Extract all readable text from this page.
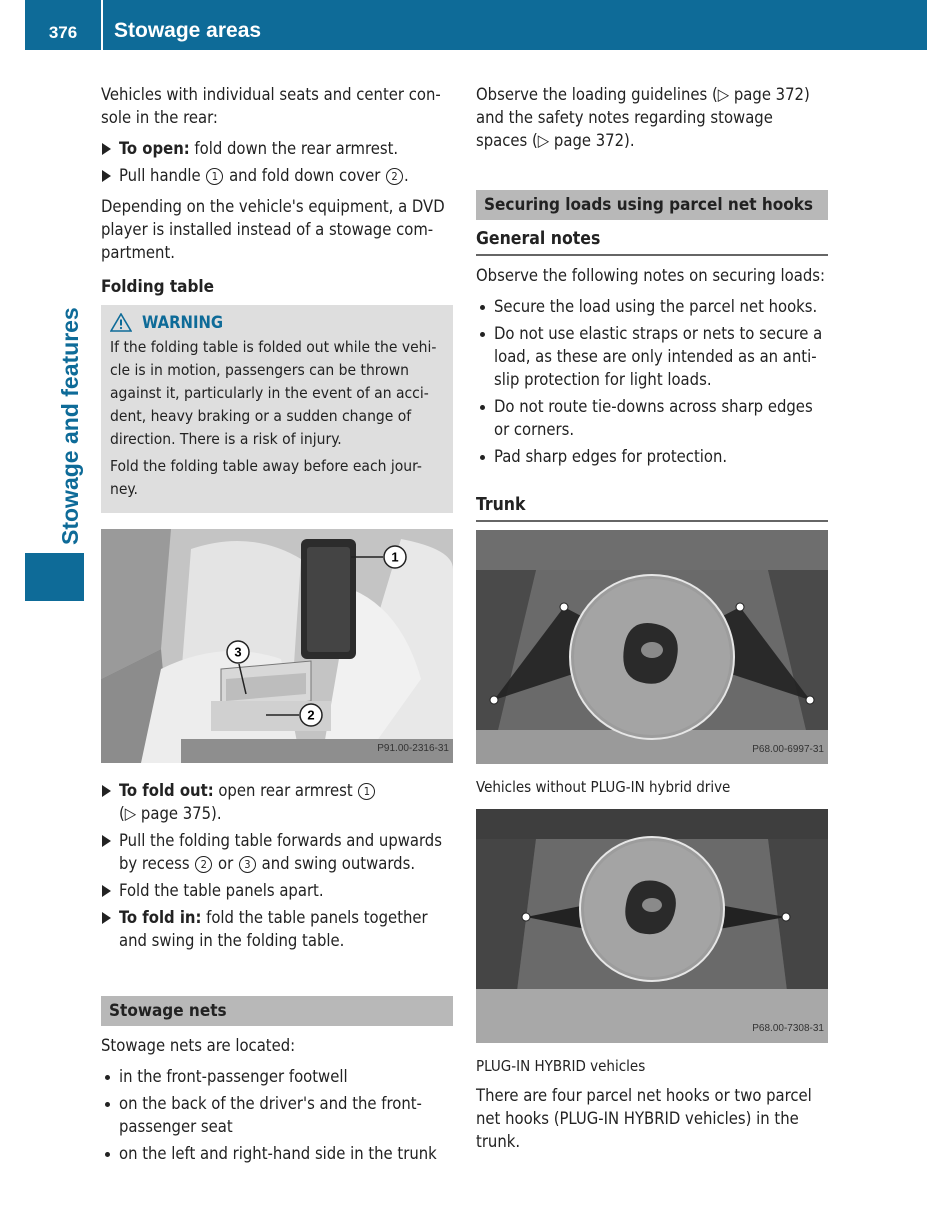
376	Stowage areas
Stowage and features

Vehicles with individual seats and center con-sole in the rear:

To open: fold down the rear armrest.
Pull handle 1 and fold down cover 2 .

Depending on the vehicle's equipment, a DVD player is installed instead of a stowage com-partment.

Folding table
WARNING

If the folding table is folded out while the vehi-cle is in motion, passengers can be thrown against it, particularly in the event of an acci-dent, heavy braking or a sudden change of direction. There is a risk of injury.

Fold the folding table away before each jour-ney.

1
3
2
P91.00-2316-31
To fold out: open rear armrest 1
(▷ page 375).
Pull the folding table forwards and upwards by recess 2 or 3 and swing outwards.
Fold the table panels apart.
To fold in: fold the table panels together and swing in the folding table.
Stowage nets

Stowage nets are located:

in the front-passenger footwell
on the back of the driver's and the front-passenger seat
on the left and right-hand side in the trunk

Observe the loading guidelines (▷ page 372) and the safety notes regarding stowage spaces (▷ page 372).

Securing loads using parcel net hooks
General notes

Observe the following notes on securing loads:

Secure the load using the parcel net hooks.
Do not use elastic straps or nets to secure a load, as these are only intended as an anti-slip protection for light loads.
Do not route tie-downs across sharp edges or corners.
Pad sharp edges for protection.
Trunk
P68.00-6997-31
Vehicles without PLUG-IN hybrid drive
P68.00-7308-31
PLUG-IN HYBRID vehicles

There are four parcel net hooks or two parcel net hooks (PLUG-IN HYBRID vehicles) in the trunk.
